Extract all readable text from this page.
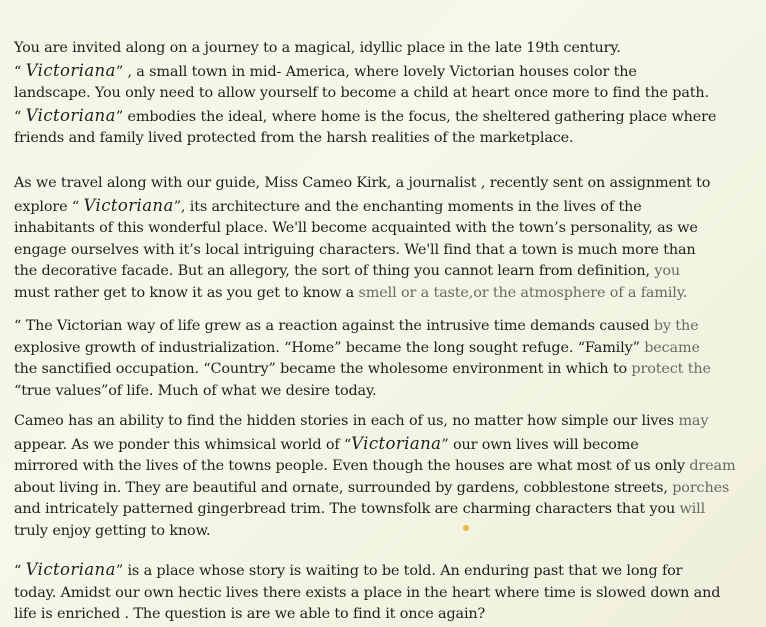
You are invited along on a journey to a magical, idyllic place in the late 19th century.
“ Victoriana” , a small town in mid- America, where lovely Victorian houses color the
landscape. You only need to allow yourself to become a child at heart once more to find the path.
“ Victoriana” embodies the ideal, where home is the focus, the sheltered gathering place where
friends and family lived protected from the harsh realities of the marketplace.
As we travel along with our guide, Miss Cameo Kirk, a journalist , recently sent on assignment to
explore “ Victoriana”, its architecture and the enchanting moments in the lives of the
inhabitants of this wonderful place. We'll become acquainted with the town’s personality, as we
engage ourselves with it’s local intriguing characters. We'll find that a town is much more than
the decorative facade. But an allegory, the sort of thing you cannot learn from definition, you
must rather get to know it as you get to know a smell or a taste,or the atmosphere of a family.
“ The Victorian way of life grew as a reaction against the intrusive time demands caused by the
explosive growth of industrialization. “Home” became the long sought refuge. “Family” became
the sanctified occupation. “Country” became the wholesome environment in which to protect the
“true values”of life. Much of what we desire today.
Cameo has an ability to find the hidden stories in each of us, no matter how simple our lives may
appear. As we ponder this whimsical world of “Victoriana” our own lives will become
mirrored with the lives of the towns people. Even though the houses are what most of us only dream
about living in. They are beautiful and ornate, surrounded by gardens, cobblestone streets, porches
and intricately patterned gingerbread trim. The townsfolk are charming characters that you will
truly enjoy getting to know.
“ Victoriana” is a place whose story is waiting to be told. An enduring past that we long for
today. Amidst our own hectic lives there exists a place in the heart where time is slowed down and
life is enriched . The question is are we able to find it once again?
